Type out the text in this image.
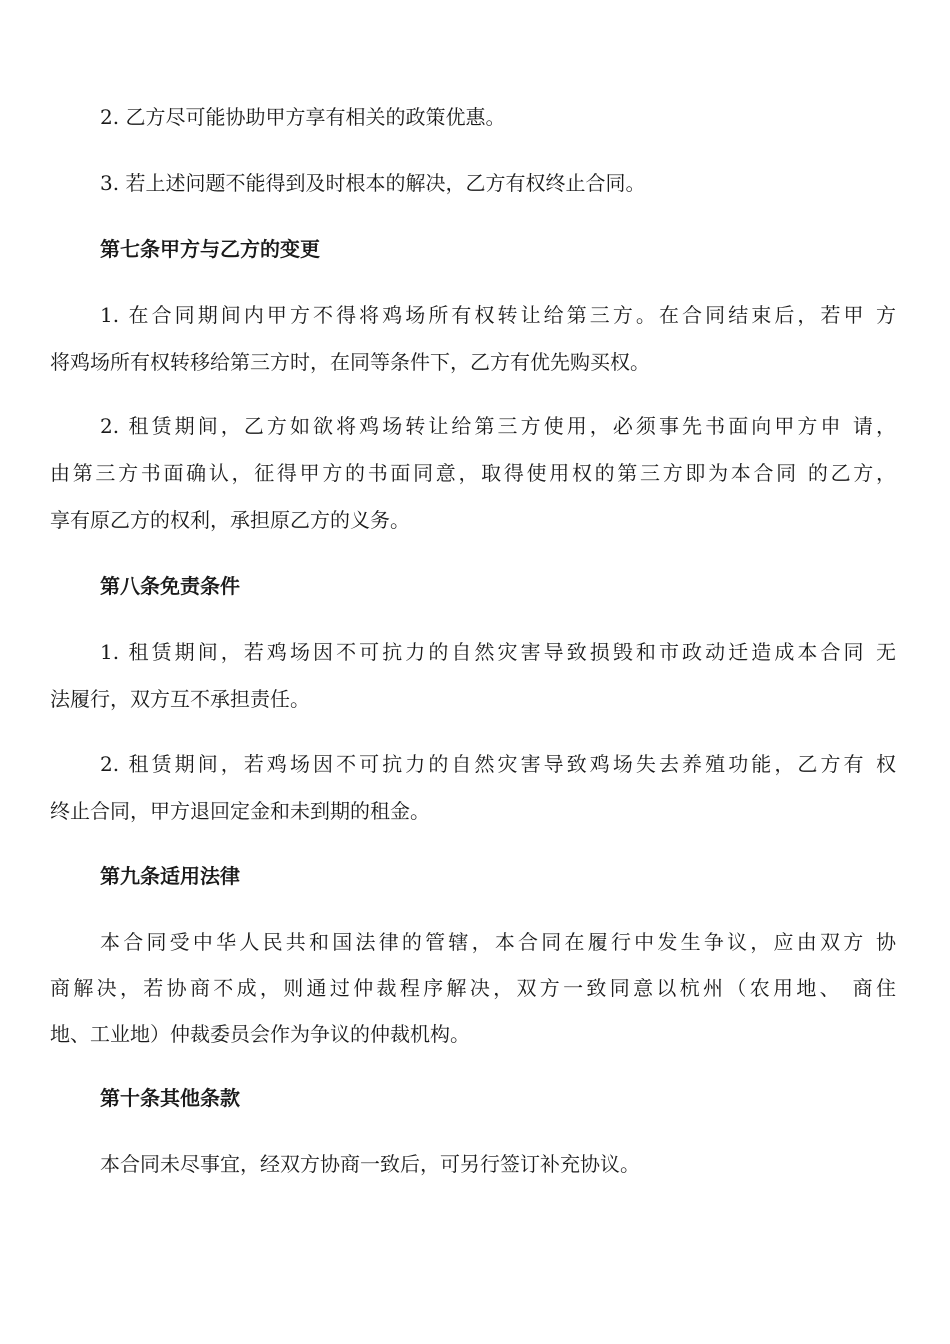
2. 乙方尽可能协助甲方享有相关的政策优惠。
3. 若上述问题不能得到及时根本的解决，乙方有权终止合同。
第七条甲方与乙方的变更
1. 在合同期间内甲方不得将鸡场所有权转让给第三方。在合同结束后，若甲 方
将鸡场所有权转移给第三方时，在同等条件下，乙方有优先购买权。
2. 租赁期间，乙方如欲将鸡场转让给第三方使用，必须事先书面向甲方申 请，
由第三方书面确认，征得甲方的书面同意，取得使用权的第三方即为本合同 的乙方，
享有原乙方的权利，承担原乙方的义务。
第八条免责条件
1. 租赁期间，若鸡场因不可抗力的自然灾害导致损毁和市政动迁造成本合同 无
法履行，双方互不承担责任。
2. 租赁期间，若鸡场因不可抗力的自然灾害导致鸡场失去养殖功能，乙方有 权
终止合同，甲方退回定金和未到期的租金。
第九条适用法律
本合同受中华人民共和国法律的管辖，本合同在履行中发生争议，应由双方 协
商解决，若协商不成，则通过仲裁程序解决，双方一致同意以杭州（农用地、 商住
地、工业地）仲裁委员会作为争议的仲裁机构。
第十条其他条款
本合同未尽事宜，经双方协商一致后，可另行签订补充协议。
